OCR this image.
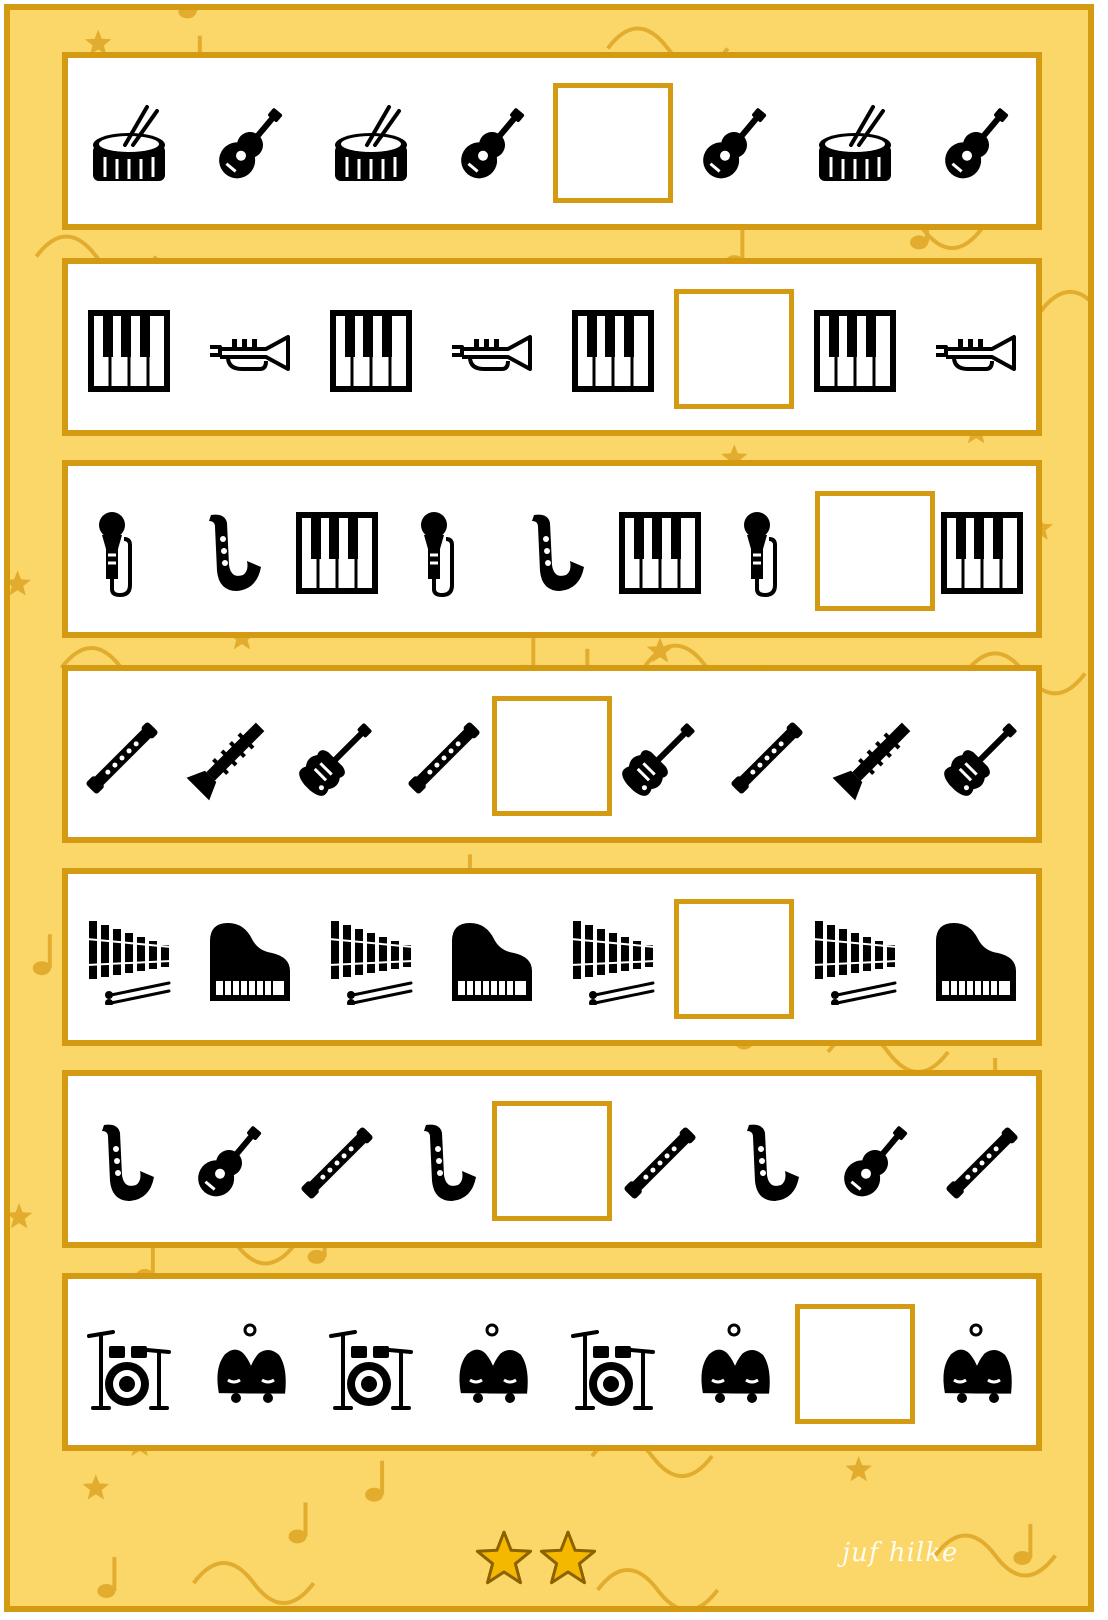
juf hilke
